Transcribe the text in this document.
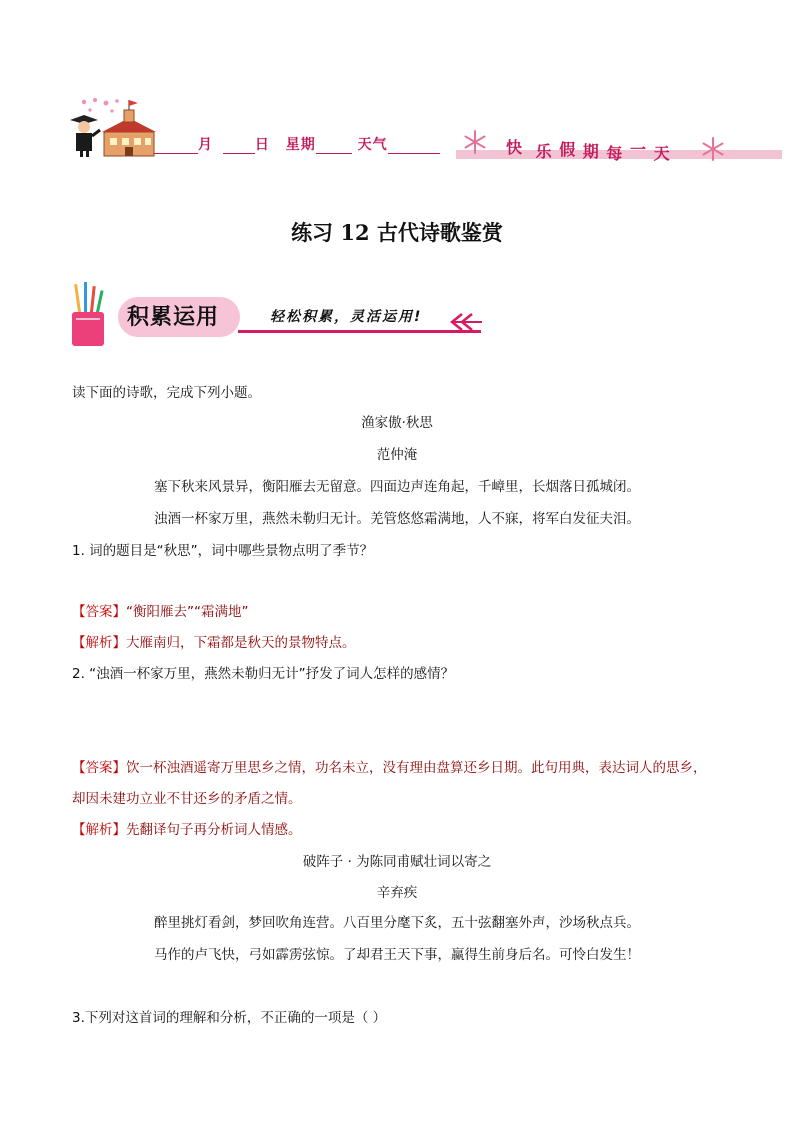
月	日 星期	天气	快 乐 假 期 每 一 天
练习 12 古代诗歌鉴赏
积累运用	轻松积累，灵活运用!
读下面的诗歌，完成下列小题。
渔家傲·秋思
范仲淹
塞下秋来风景异，衡阳雁去无留意。四面边声连角起，千嶂里，长烟落日孤城闭。
浊酒一杯家万里，燕然未勒归无计。羌管悠悠霜满地，人不寐，将军白发征夫泪。
1. 词的题目是“秋思”，词中哪些景物点明了季节？
【答案】“衡阳雁去”“霜满地”
【解析】大雁南归，下霜都是秋天的景物特点。
2. “浊酒一杯家万里，燕然未勒归无计”抒发了词人怎样的感情？
【答案】饮一杯浊酒遥寄万里思乡之情，功名未立，没有理由盘算还乡日期。此句用典，表达词人的思乡，
却因未建功立业不甘还乡的矛盾之情。
【解析】先翻译句子再分析词人情感。
破阵子 · 为陈同甫赋壮词以寄之
辛弃疾
醉里挑灯看剑，梦回吹角连营。八百里分麾下炙，五十弦翻塞外声，沙场秋点兵。
马作的卢飞快，弓如霹雳弦惊。了却君王天下事，赢得生前身后名。可怜白发生！
3.下列对这首词的理解和分析，不正确的一项是（ ）
